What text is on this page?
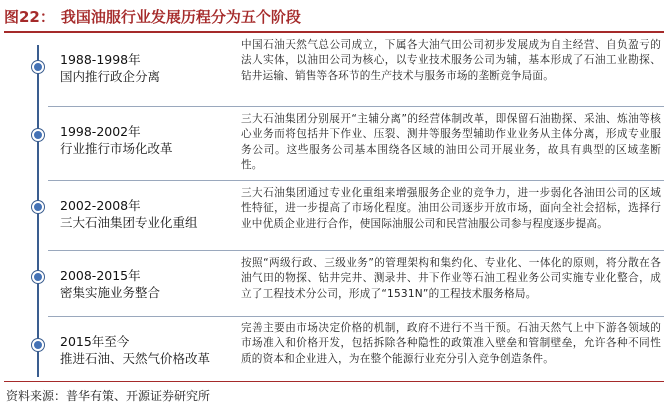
图22： 我国油服行业发展历程分为五个阶段
1988-1998年
国内推行政企分离
中国石油天然气总公司成立，下属各大油气田公司初步发展成为自主经营、自负盈亏的法人实体，以油田公司为核心，以专业技术服务公司为辅，基本形成了石油工业勘探、钻井运输、销售等各环节的生产技术与服务市场的垄断竞争局面。
1998-2002年
行业推行市场化改革
三大石油集团分别展开“主辅分离”的经营体制改革，即保留石油勘探、采油、炼油等核心业务而将包括井下作业、压裂、测井等服务型辅助作业业务从主体分离，形成专业服务公司。这些服务公司基本围绕各区域的油田公司开展业务，故具有典型的区域垄断性。
2002-2008年
三大石油集团专业化重组
三大石油集团通过专业化重组来增强服务企业的竞争力，进一步弱化各油田公司的区域性特征，进一步提高了市场化程度。油田公司逐步开放市场，面向全社会招标，选择行业中优质企业进行合作，使国际油服公司和民营油服公司参与程度逐步提高。
2008-2015年
密集实施业务整合
按照“两级行政、三级业务”的管理架构和集约化、专业化、一体化的原则，将分散在各油气田的物探、钻井完井、测录井、井下作业等石油工程业务公司实施专业化整合，成立了工程技术分公司，形成了“1531N”的工程技术服务格局。
2015年至今
推进石油、天然气价格改革
完善主要由市场决定价格的机制，政府不进行不当干预。石油天然气上中下游各领域的市场准入和价格开发，包括拆除各种隐性的政策准入壁垒和管制壁垒，允许各种不同性质的资本和企业进入，为在整个能源行业充分引入竞争创造条件。
资料来源：普华有策、开源证券研究所
